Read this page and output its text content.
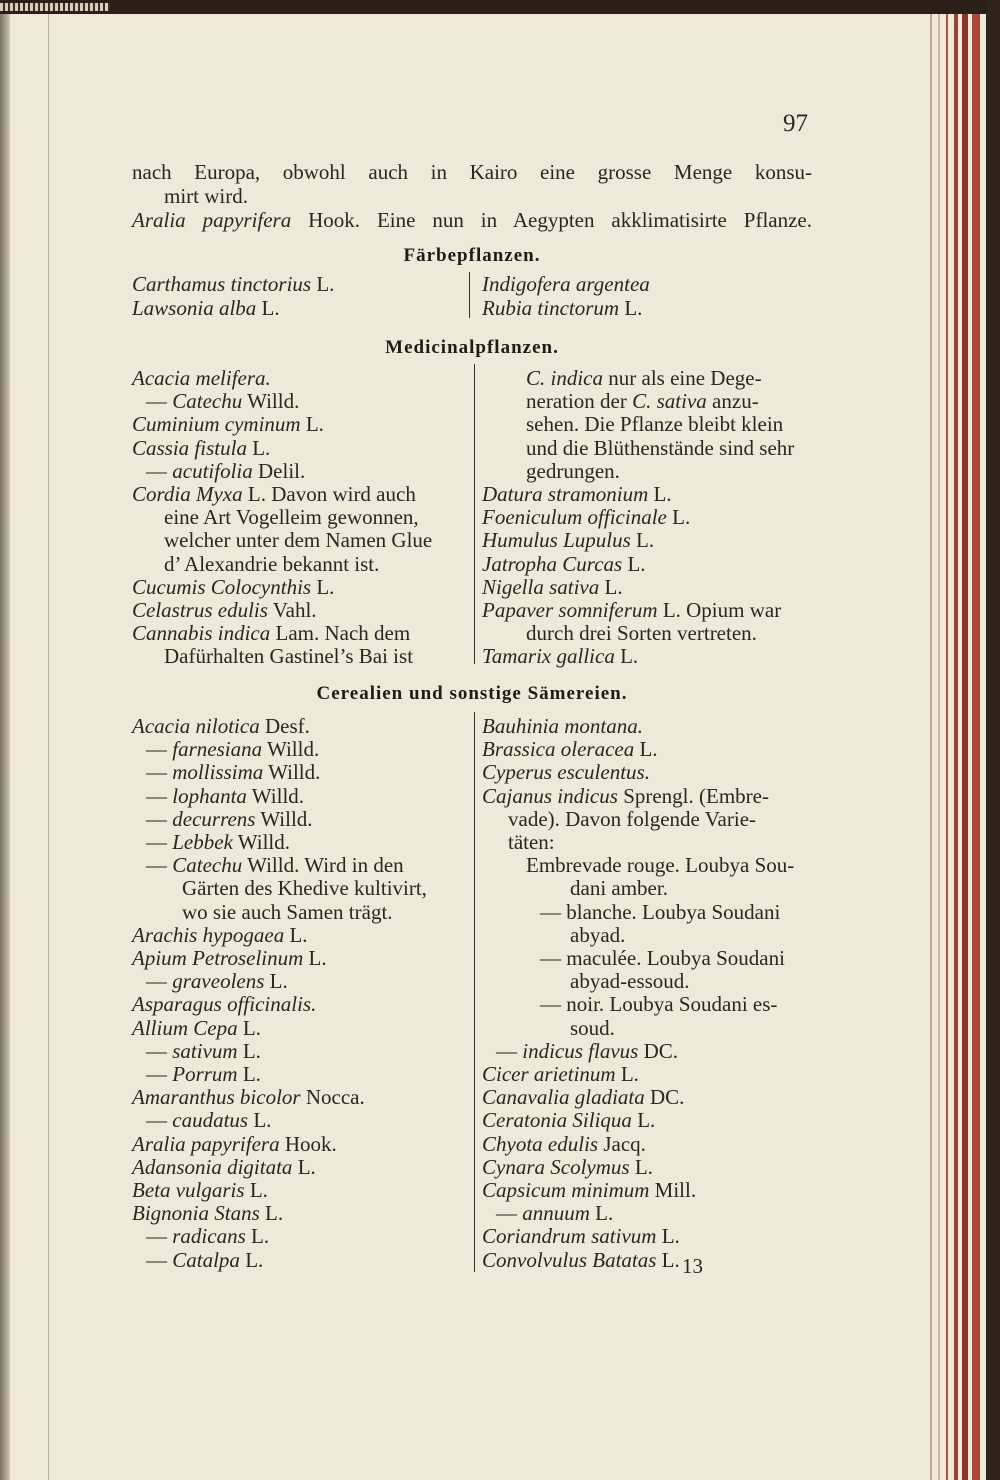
97
nach Europa, obwohl auch in Kairo eine grosse Menge konsu-
mirt wird.
Aralia papyrifera Hook. Eine nun in Aegypten akklimatisirte Pflanze.
Färbepflanzen.
Carthamus tinctorius L.
Lawsonia alba L.
Indigofera argentea
Rubia tinctorum L.
Medicinalpflanzen.
Acacia melifera.
— Catechu Willd.
Cuminium cyminum L.
Cassia fistula L.
— acutifolia Delil.
Cordia Myxa L. Davon wird auch
eine Art Vogelleim gewonnen,
welcher unter dem Namen Glue
d’ Alexandrie bekannt ist.
Cucumis Colocynthis L.
Celastrus edulis Vahl.
Cannabis indica Lam. Nach dem
Dafürhalten Gastinel’s Bai ist
C. indica nur als eine Dege-
neration der C. sativa anzu-
sehen. Die Pflanze bleibt klein
und die Blüthenstände sind sehr
gedrungen.
Datura stramonium L.
Foeniculum officinale L.
Humulus Lupulus L.
Jatropha Curcas L.
Nigella sativa L.
Papaver somniferum L. Opium war
durch drei Sorten vertreten.
Tamarix gallica L.
Cerealien und sonstige Sämereien.
Acacia nilotica Desf.
— farnesiana Willd.
— mollissima Willd.
— lophanta Willd.
— decurrens Willd.
— Lebbek Willd.
— Catechu Willd. Wird in den
Gärten des Khedive kultivirt,
wo sie auch Samen trägt.
Arachis hypogaea L.
Apium Petroselinum L.
— graveolens L.
Asparagus officinalis.
Allium Cepa L.
— sativum L.
— Porrum L.
Amaranthus bicolor Nocca.
— caudatus L.
Aralia papyrifera Hook.
Adansonia digitata L.
Beta vulgaris L.
Bignonia Stans L.
— radicans L.
— Catalpa L.
Bauhinia montana.
Brassica oleracea L.
Cyperus esculentus.
Cajanus indicus Sprengl. (Embre-
vade). Davon folgende Varie-
täten:
Embrevade rouge. Loubya Sou-
dani amber.
— blanche. Loubya Soudani
abyad.
— maculée. Loubya Soudani
abyad-essoud.
— noir. Loubya Soudani es-
soud.
— indicus flavus DC.
Cicer arietinum L.
Canavalia gladiata DC.
Ceratonia Siliqua L.
Chyota edulis Jacq.
Cynara Scolymus L.
Capsicum minimum Mill.
— annuum L.
Coriandrum sativum L.
Convolvulus Batatas L. 13
